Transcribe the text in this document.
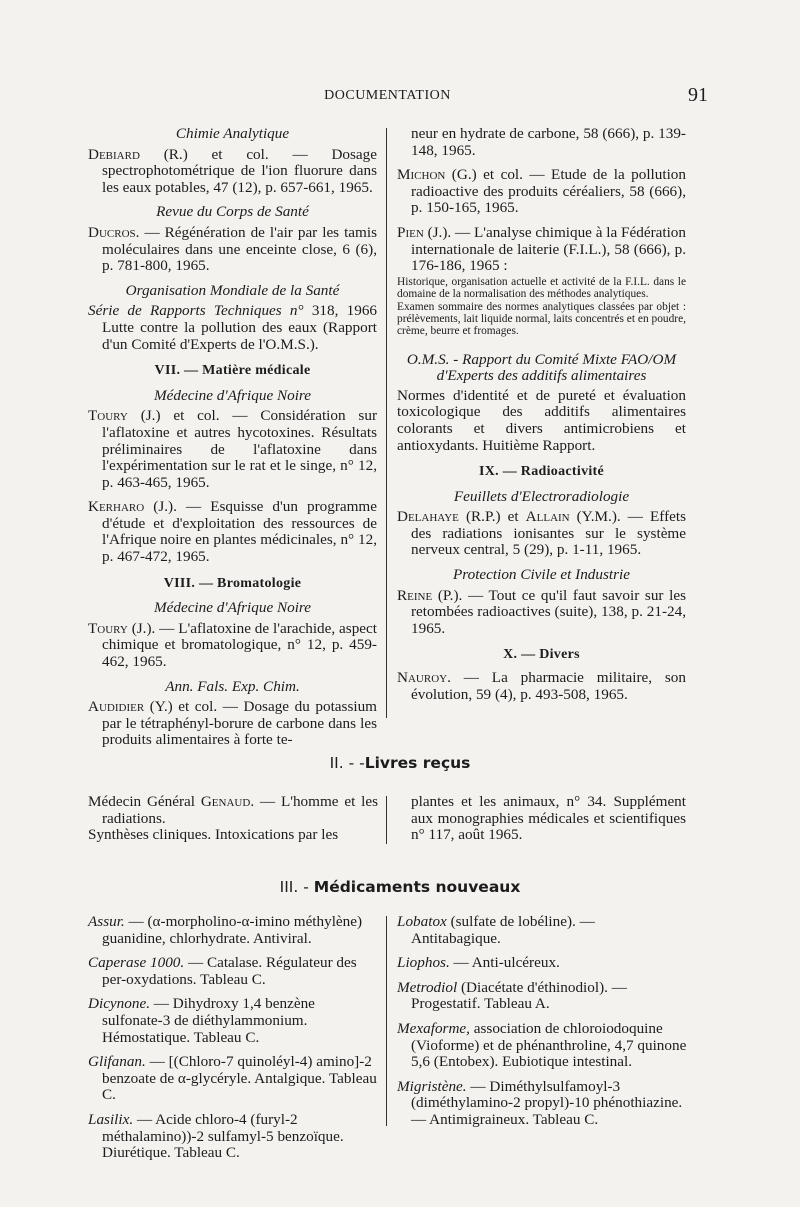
DOCUMENTATION	91
Chimie Analytique
Debiard (R.) et col. — Dosage spectrophotométrique de l'ion fluorure dans les eaux potables, 47 (12), p. 657-661, 1965.
Revue du Corps de Santé
Ducros. — Régénération de l'air par les tamis moléculaires dans une enceinte close, 6 (6), p. 781-800, 1965.
Organisation Mondiale de la Santé
Série de Rapports Techniques n° 318, 1966 Lutte contre la pollution des eaux (Rapport d'un Comité d'Experts de l'O.M.S.).
VII. — Matière médicale
Médecine d'Afrique Noire
Toury (J.) et col. — Considération sur l'aflatoxine et autres hycotoxines. Résultats préliminaires de l'aflatoxine dans l'expérimentation sur le rat et le singe, n° 12, p. 463-465, 1965.
Kerharo (J.). — Esquisse d'un programme d'étude et d'exploitation des ressources de l'Afrique noire en plantes médicinales, n° 12, p. 467-472, 1965.
VIII. — Bromatologie
Médecine d'Afrique Noire
Toury (J.). — L'aflatoxine de l'arachide, aspect chimique et bromatologique, n° 12, p. 459-462, 1965.
Ann. Fals. Exp. Chim.
Audidier (Y.) et col. — Dosage du potassium par le tétraphényl-borure de carbone dans les produits alimentaires à forte te-
neur en hydrate de carbone, 58 (666), p. 139-148, 1965.
Michon (G.) et col. — Etude de la pollution radioactive des produits céréaliers, 58 (666), p. 150-165, 1965.
Pien (J.). — L'analyse chimique à la Fédération internationale de laiterie (F.I.L.), 58 (666), p. 176-186, 1965 :
Historique, organisation actuelle et activité de la F.I.L. dans le domaine de la normalisation des méthodes analytiques.
Examen sommaire des normes analytiques classées par objet : prélèvements, lait liquide normal, laits concentrés et en poudre, crème, beurre et fromages.
O.M.S. - Rapport du Comité Mixte FAO/OM d'Experts des additifs alimentaires
Normes d'identité et de pureté et évaluation toxicologique des additifs alimentaires colorants et divers antimicrobiens et antioxydants. Huitième Rapport.
IX. — Radioactivité
Feuillets d'Electroradiologie
Delahaye (R.P.) et Allain (Y.M.). — Effets des radiations ionisantes sur le système nerveux central, 5 (29), p. 1-11, 1965.
Protection Civile et Industrie
Reine (P.). — Tout ce qu'il faut savoir sur les retombées radioactives (suite), 138, p. 21-24, 1965.
X. — Divers
Nauroy. — La pharmacie militaire, son évolution, 59 (4), p. 493-508, 1965.
II. - -Livres reçus
Médecin Général Genaud. — L'homme et les radiations.
Synthèses cliniques. Intoxications par les
plantes et les animaux, n° 34. Supplément aux monographies médicales et scientifiques n° 117, août 1965.
III. - Médicaments nouveaux

Assur. — (α-morpholino-α-imino méthylène) guanidine, chlorhydrate. Antiviral.

Caperase 1000. — Catalase. Régulateur des per-oxydations. Tableau C.

Dicynone. — Dihydroxy 1,4 benzène sulfonate-3 de diéthylammonium. Hémostatique. Tableau C.

Glifanan. — [(Chloro-7 quinoléyl-4) amino]-2 benzoate de α-glycéryle. Antalgique. Tableau C.

Lasilix. — Acide chloro-4 (furyl-2 méthalamino))-2 sulfamyl-5 benzoïque. Diurétique. Tableau C.

Lobatox (sulfate de lobéline). — Antitabagique.

Liophos. — Anti-ulcéreux.

Metrodiol (Diacétate d'éthinodiol). — Progestatif. Tableau A.

Mexaforme, association de chloroiodoquine (Vioforme) et de phénanthroline, 4,7 quinone 5,6 (Entobex). Eubiotique intestinal.

Migristène. — Diméthylsulfamoyl-3 (diméthylamino-2 propyl)-10 phénothiazine. — Antimigraineux. Tableau C.
